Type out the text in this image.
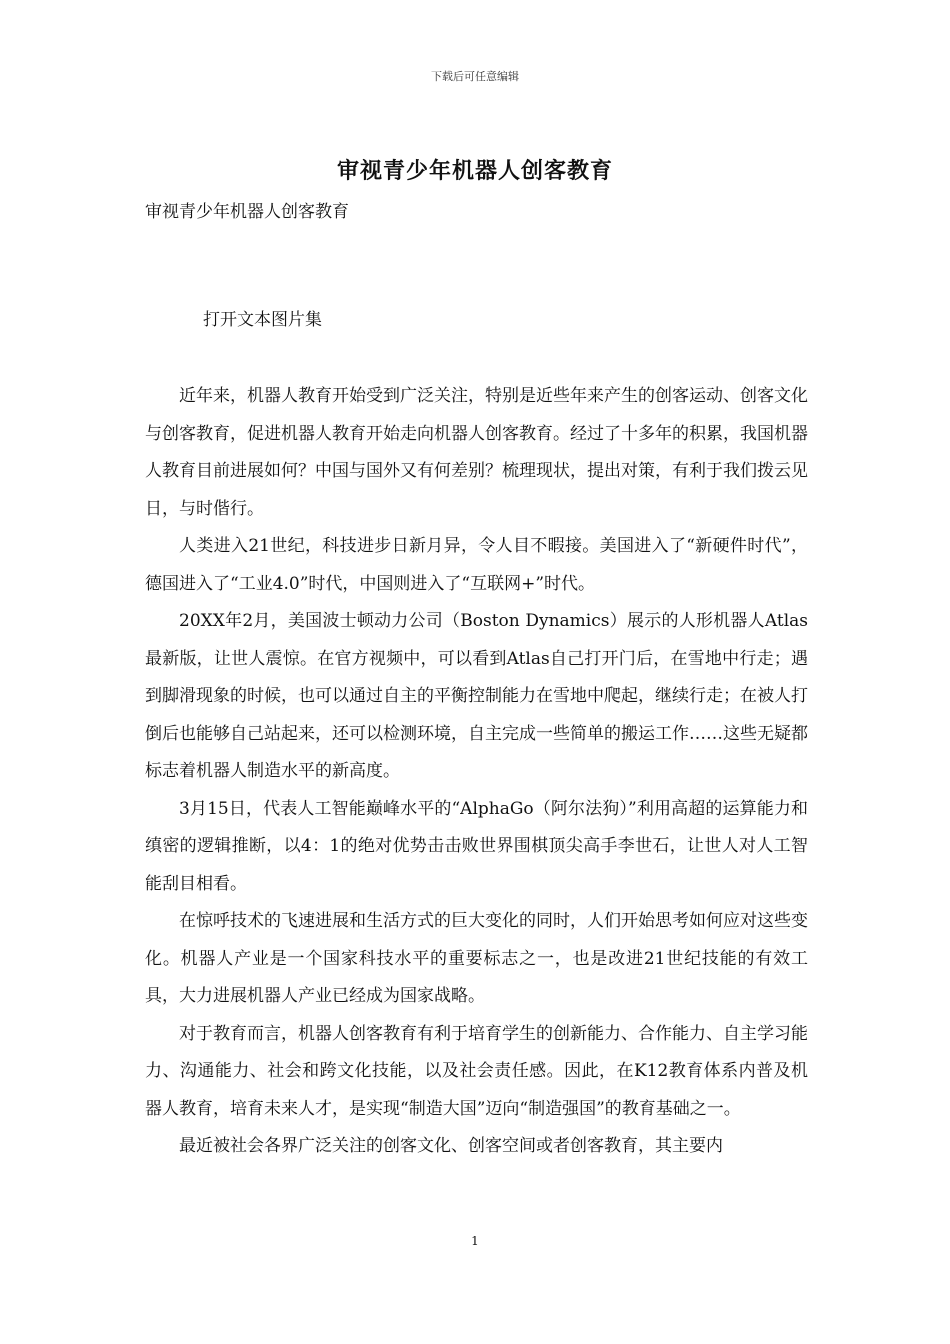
下载后可任意编辑
审视青少年机器人创客教育

审视青少年机器人创客教育

打开文本图片集

近年来，机器人教育开始受到广泛关注，特别是近些年来产生的创客运动、创客文化与创客教育，促进机器人教育开始走向机器人创客教育。经过了十多年的积累，我国机器人教育目前进展如何？中国与国外又有何差别？梳理现状，提出对策，有利于我们拨云见日，与时偕行。

人类进入21世纪，科技进步日新月异，令人目不暇接。美国进入了“新硬件时代”，德国进入了“工业4.0”时代，中国则进入了“互联网+”时代。

20XX年2月，美国波士顿动力公司（Boston Dynamics）展示的人形机器人Atlas最新版，让世人震惊。在官方视频中，可以看到Atlas自己打开门后，在雪地中行走；遇到脚滑现象的时候，也可以通过自主的平衡控制能力在雪地中爬起，继续行走；在被人打倒后也能够自己站起来，还可以检测环境，自主完成一些简单的搬运工作……这些无疑都标志着机器人制造水平的新高度。

3月15日，代表人工智能巅峰水平的“AlphaGo（阿尔法狗）”利用高超的运算能力和缜密的逻辑推断，以4：1的绝对优势击击败世界围棋顶尖高手李世石，让世人对人工智能刮目相看。

在惊呼技术的飞速进展和生活方式的巨大变化的同时，人们开始思考如何应对这些变化。机器人产业是一个国家科技水平的重要标志之一，也是改进21世纪技能的有效工具，大力进展机器人产业已经成为国家战略。

对于教育而言，机器人创客教育有利于培育学生的创新能力、合作能力、自主学习能力、沟通能力、社会和跨文化技能，以及社会责任感。因此，在K12教育体系内普及机器人教育，培育未来人才，是实现“制造大国”迈向“制造强国”的教育基础之一。

最近被社会各界广泛关注的创客文化、创客空间或者创客教育，其主要内

1
